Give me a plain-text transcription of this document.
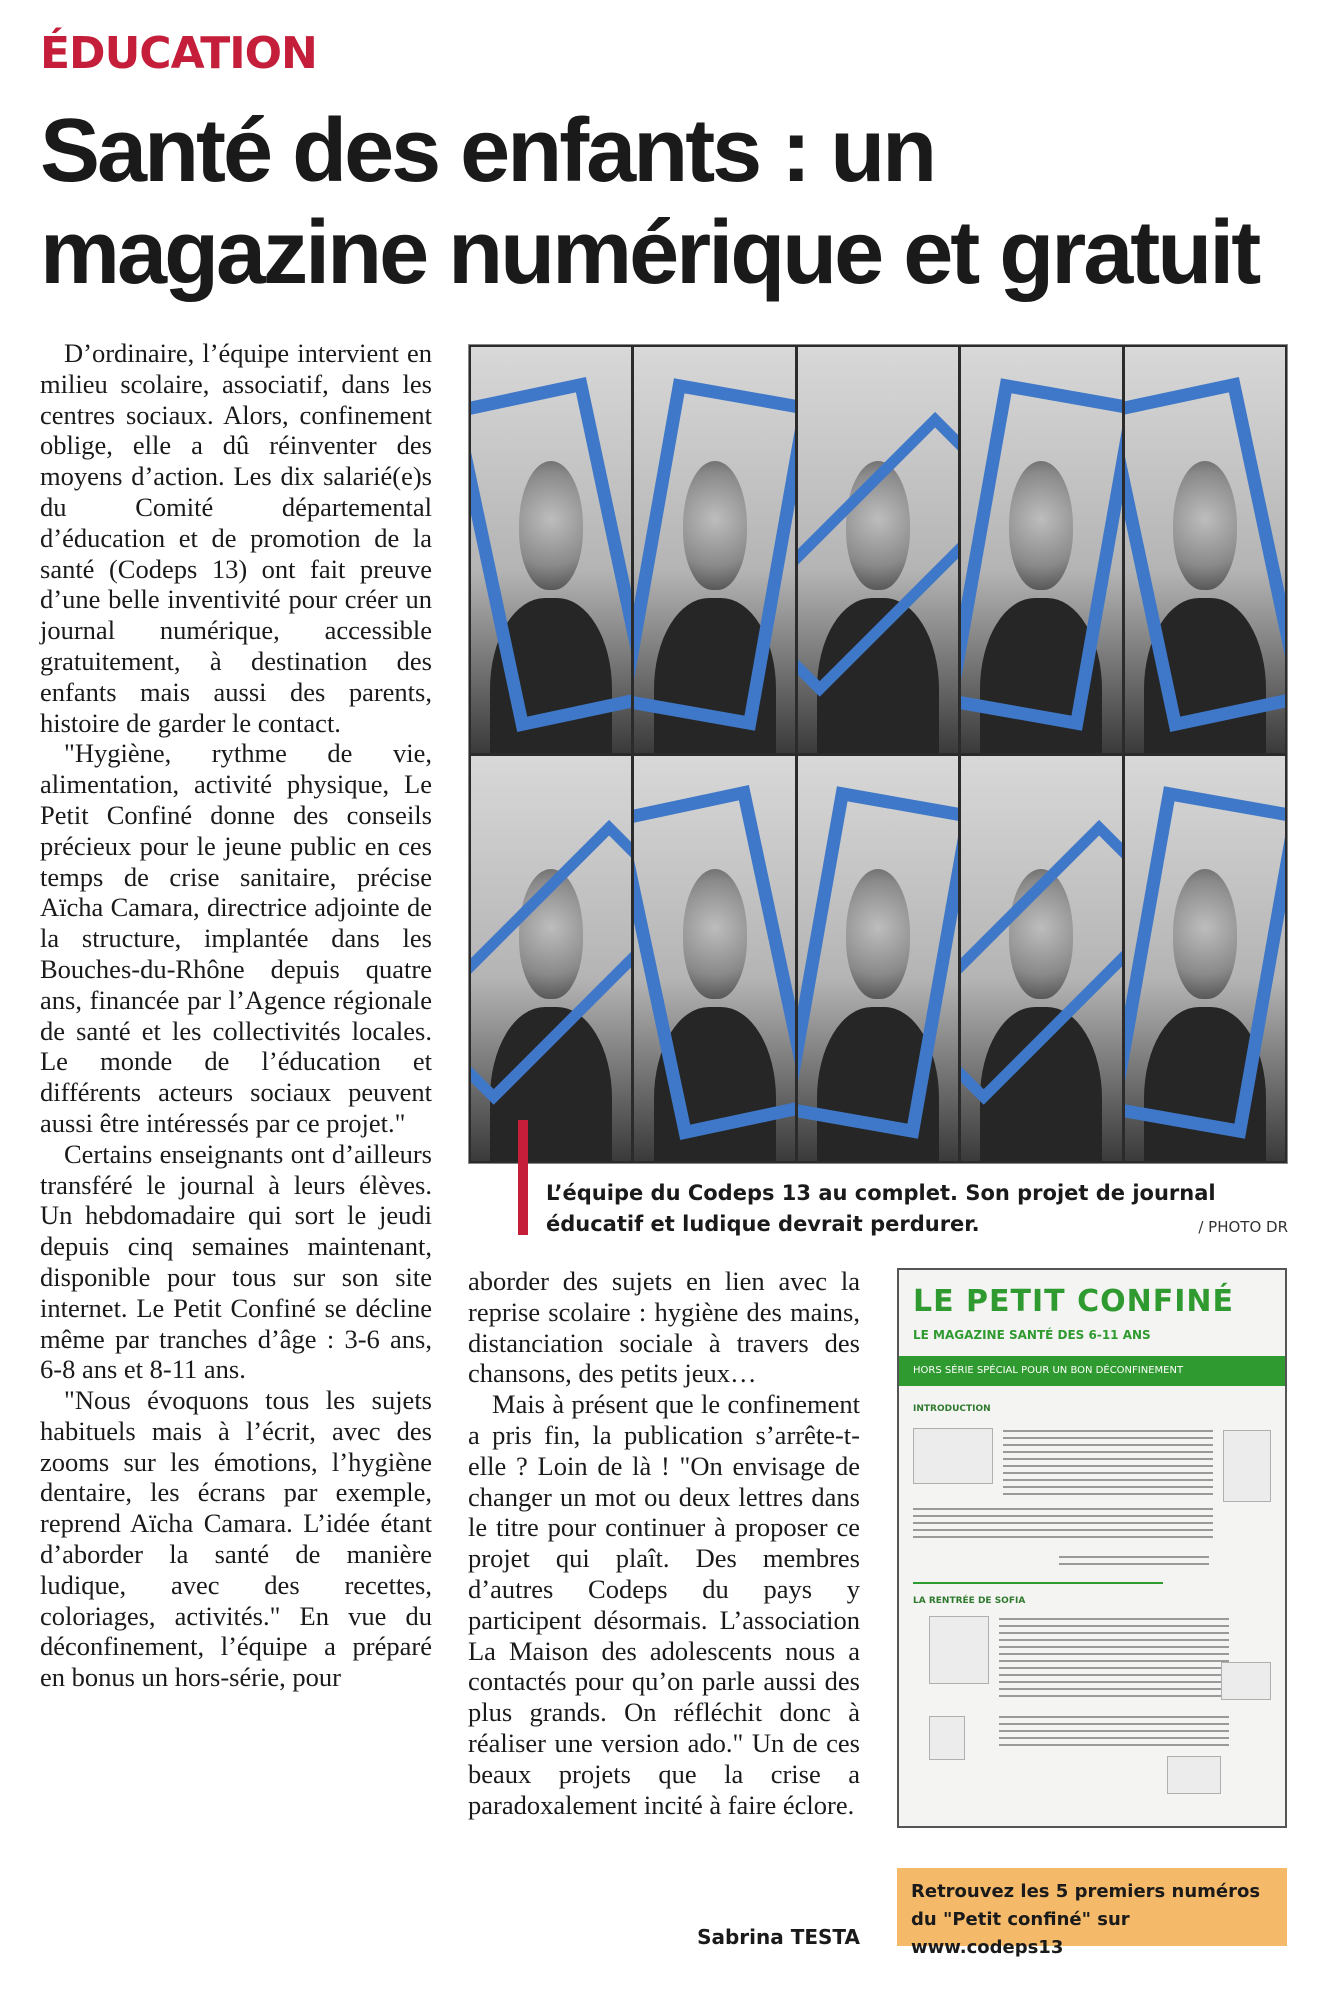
ÉDUCATION
Santé des enfants : un magazine numérique et gratuit

D’ordinaire, l’équipe intervient en milieu scolaire, associatif, dans les centres sociaux. Alors, confinement oblige, elle a dû réinventer des moyens d’action. Les dix salarié(e)s du Comité départemental d’éducation et de promotion de la santé (Codeps 13) ont fait preuve d’une belle inventivité pour créer un journal numérique, accessible gratuitement, à destination des enfants mais aussi des parents, histoire de garder le contact.

"Hygiène, rythme de vie, alimentation, activité physique, Le Petit Confiné donne des conseils précieux pour le jeune public en ces temps de crise sanitaire, précise Aïcha Camara, directrice adjointe de la structure, implantée dans les Bouches-du-Rhône depuis quatre ans, financée par l’Agence régionale de santé et les collectivités locales. Le monde de l’éducation et différents acteurs sociaux peuvent aussi être intéressés par ce projet."

Certains enseignants ont d’ailleurs transféré le journal à leurs élèves. Un hebdomadaire qui sort le jeudi depuis cinq semaines maintenant, disponible pour tous sur son site internet. Le Petit Confiné se décline même par tranches d’âge : 3-6 ans, 6-8 ans et 8-11 ans.

"Nous évoquons tous les sujets habituels mais à l’écrit, avec des zooms sur les émotions, l’hygiène dentaire, les écrans par exemple, reprend Aïcha Camara. L’idée étant d’aborder la santé de manière ludique, avec des recettes, coloriages, activités." En vue du déconfinement, l’équipe a préparé en bonus un hors-série, pour

L’équipe du Codeps 13 au complet. Son projet de journal éducatif et ludique devrait perdurer.	/ PHOTO DR

aborder des sujets en lien avec la reprise scolaire : hygiène des mains, distanciation sociale à travers des chansons, des petits jeux…

Mais à présent que le confinement a pris fin, la publication s’arrête-t-elle ? Loin de là ! "On envisage de changer un mot ou deux lettres dans le titre pour continuer à proposer ce projet qui plaît. Des membres d’autres Codeps du pays y participent désormais. L’association La Maison des adolescents nous a contactés pour qu’on parle aussi des plus grands. On réfléchit donc à réaliser une version ado." Un de ces beaux projets que la crise a paradoxalement incité à faire éclore.

Sabrina TESTA
LE PETIT CONFINÉ
LE MAGAZINE SANTÉ DES 6-11 ANS
HORS SÉRIE SPÉCIAL POUR UN BON DÉCONFINEMENT
INTRODUCTION
LA RENTRÉE DE SOFIA
Retrouvez les 5 premiers numéros du "Petit confiné" sur www.codeps13
